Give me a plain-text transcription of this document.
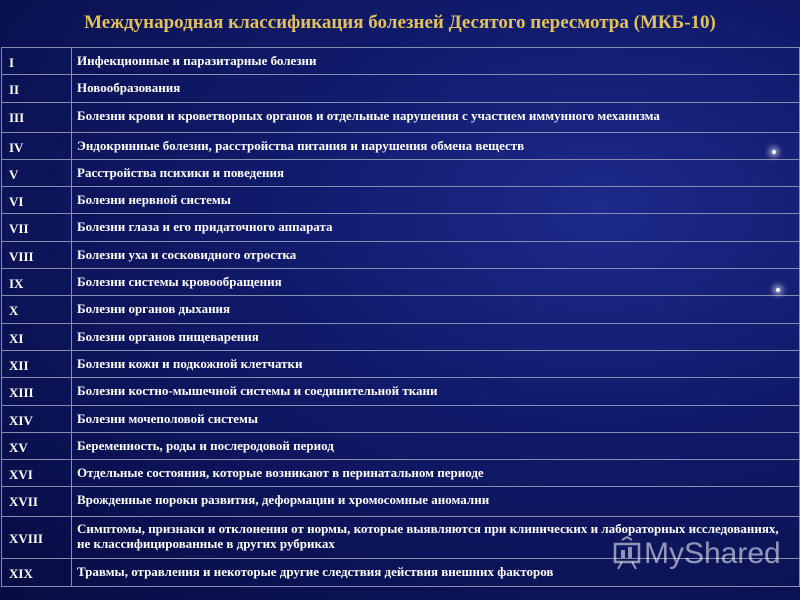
Международная классификация болезней Десятого пересмотра (МКБ-10)
I	Инфекционные и паразитарные болезни
II	Новообразования
III	Болезни крови и кроветворных органов и отдельные нарушения с участием иммунного механизма
IV	Эндокринные болезни, расстройства питания и нарушения обмена веществ
V	Расстройства психики и поведения
VI	Болезни нервной системы
VII	Болезни глаза и его придаточного аппарата
VIII	Болезни уха и сосковидного отростка
IX	Болезни системы кровообращения
X	Болезни органов дыхания
XI	Болезни органов пищеварения
XII	Болезни кожи и подкожной клетчатки
XIII	Болезни костно-мышечной системы и соединительной ткани
XIV	Болезни мочеполовой системы
XV	Беременность, роды и послеродовой период
XVI	Отдельные состояния, которые возникают в перинатальном периоде
XVII	Врожденные пороки развития, деформации и хромосомные аномалии
XVIII	Симптомы, признаки и отклонения от нормы, которые выявляются при клинических и лабораторных исследованиях, не классифицированные в других рубриках
XIX	Травмы, отравления и некоторые другие следствия действия внешних факторов
MyShared
